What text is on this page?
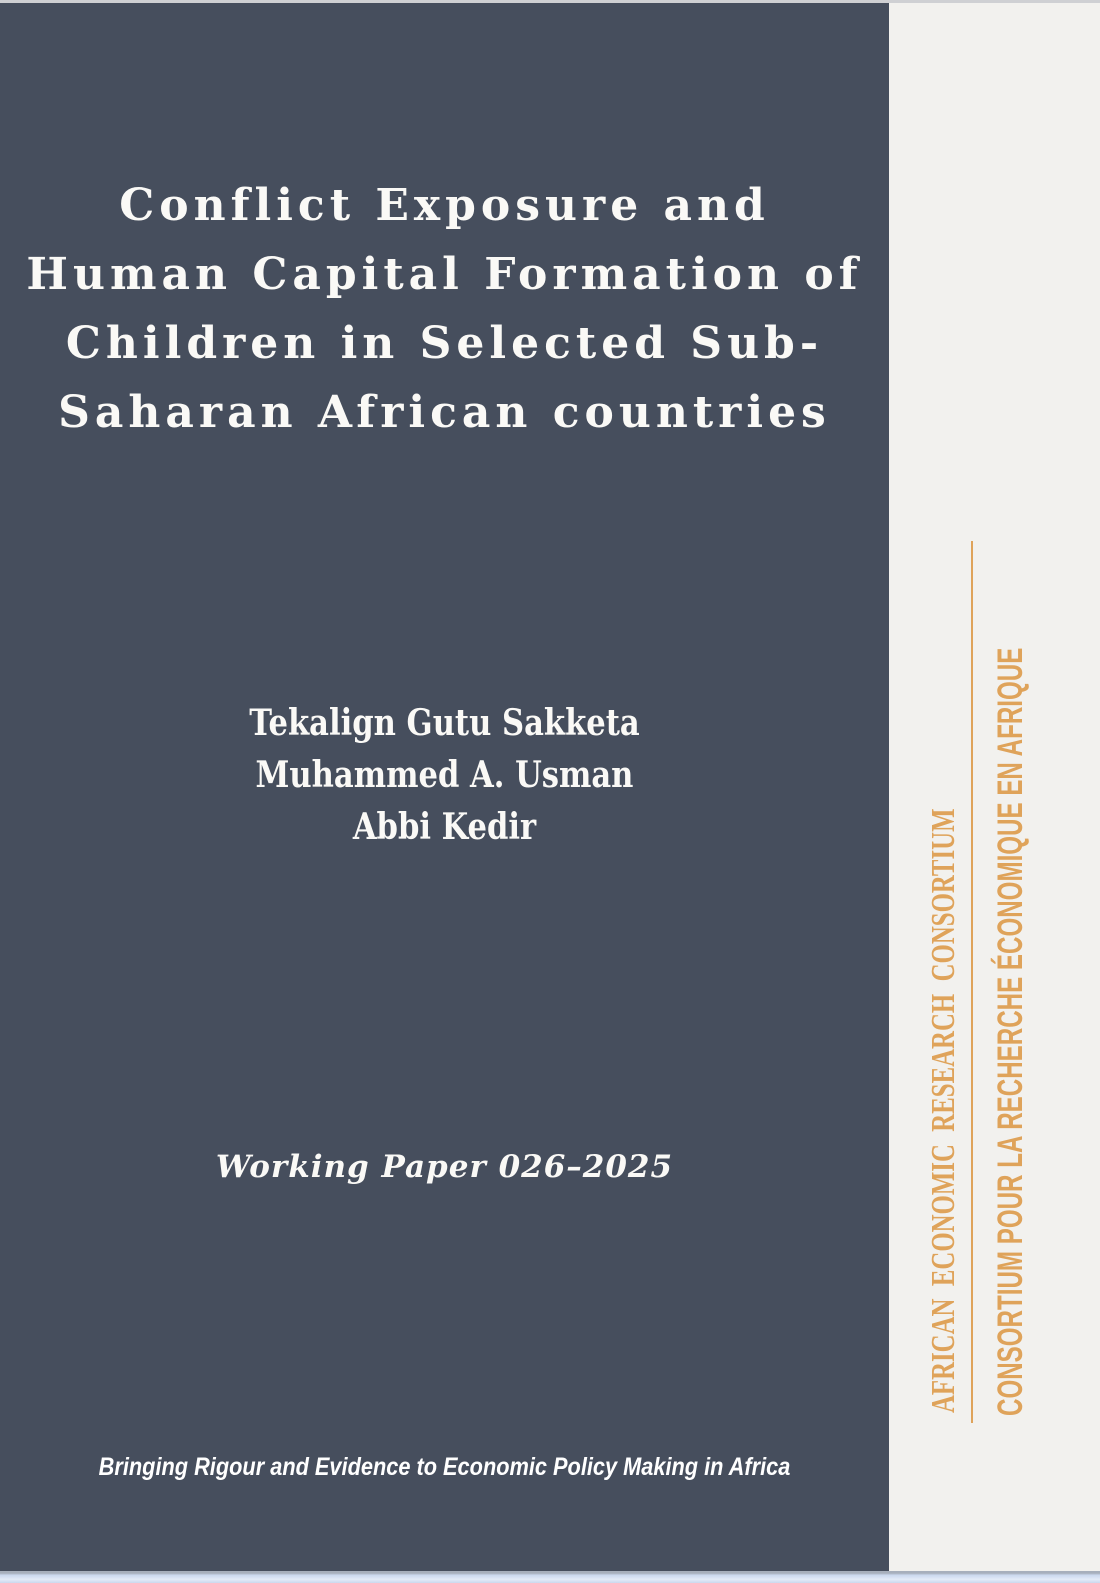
Conflict Exposure and
Human Capital Formation of
Children in Selected Sub-
Saharan African countries
Tekalign Gutu Sakketa
Muhammed A. Usman
Abbi Kedir
Working Paper 026–2025
Bringing Rigour and Evidence to Economic Policy Making in Africa
AFRICAN  ECONOMIC  RESEARCH  CONSORTIUM CONSORTIUM POUR LA RECHERCHE ÉCONOMIQUE EN AFRIQUE
